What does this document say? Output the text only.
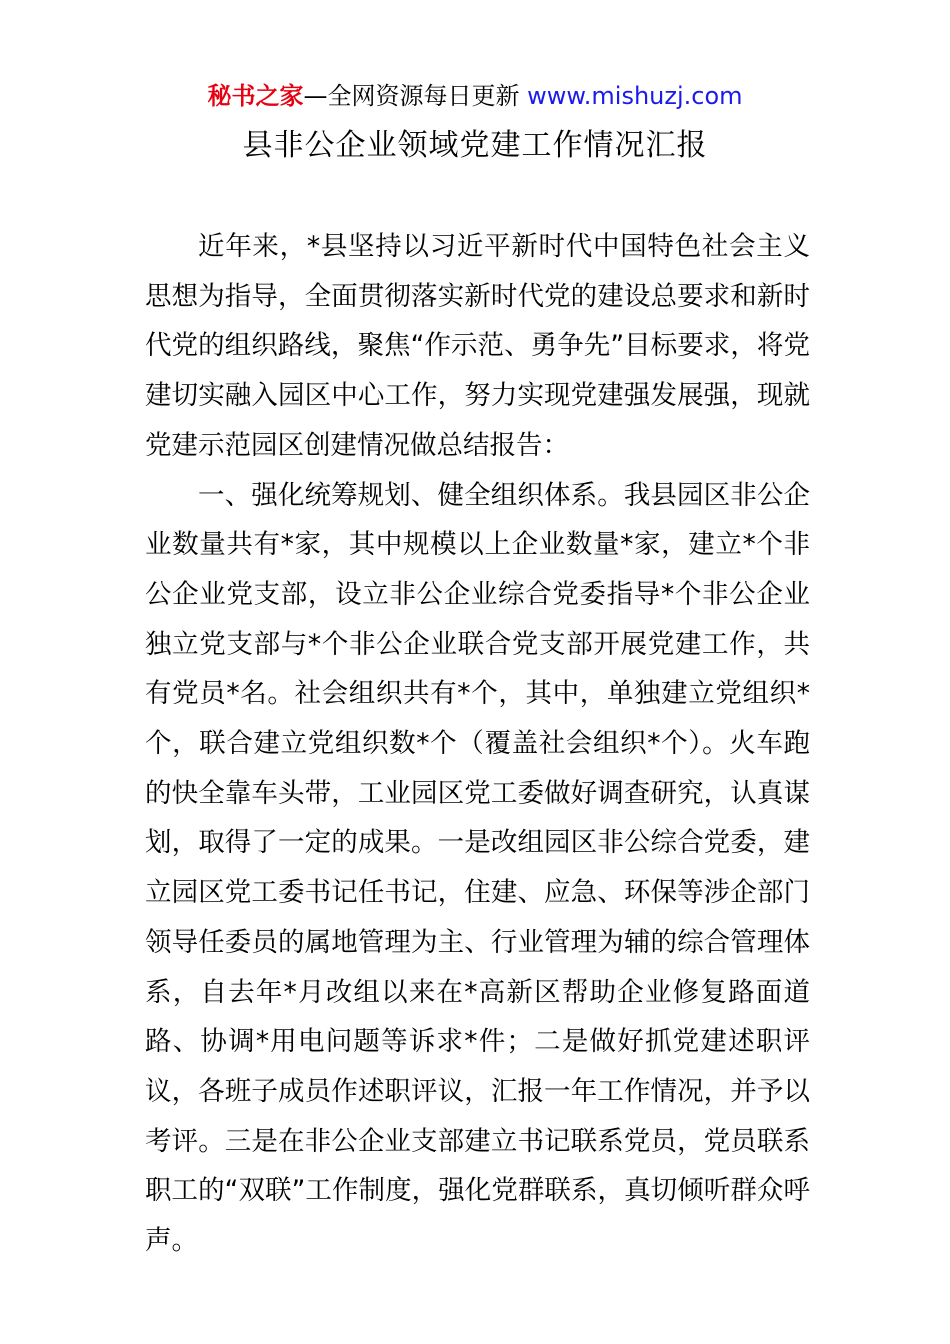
秘书之家—全网资源每日更新 www.mishuzj.com
县非公企业领域党建工作情况汇报

近年来，*县坚持以习近平新时代中国特色社会主义思想为指导，全面贯彻落实新时代党的建设总要求和新时代党的组织路线，聚焦“作示范、勇争先”目标要求，将党建切实融入园区中心工作，努力实现党建强发展强，现就党建示范园区创建情况做总结报告：

一、强化统筹规划、健全组织体系。我县园区非公企业数量共有*家，其中规模以上企业数量*家，建立*个非公企业党支部，设立非公企业综合党委指导*个非公企业独立党支部与*个非公企业联合党支部开展党建工作，共有党员*名。社会组织共有*个，其中，单独建立党组织*个，联合建立党组织数*个（覆盖社会组织*个）。火车跑的快全靠车头带，工业园区党工委做好调查研究，认真谋划，取得了一定的成果。一是改组园区非公综合党委，建立园区党工委书记任书记，住建、应急、环保等涉企部门领导任委员的属地管理为主、行业管理为辅的综合管理体系，自去年*月改组以来在*高新区帮助企业修复路面道路、协调*用电问题等诉求*件；二是做好抓党建述职评议，各班子成员作述职评议，汇报一年工作情况，并予以考评。三是在非公企业支部建立书记联系党员，党员联系职工的“双联”工作制度，强化党群联系，真切倾听群众呼声。
